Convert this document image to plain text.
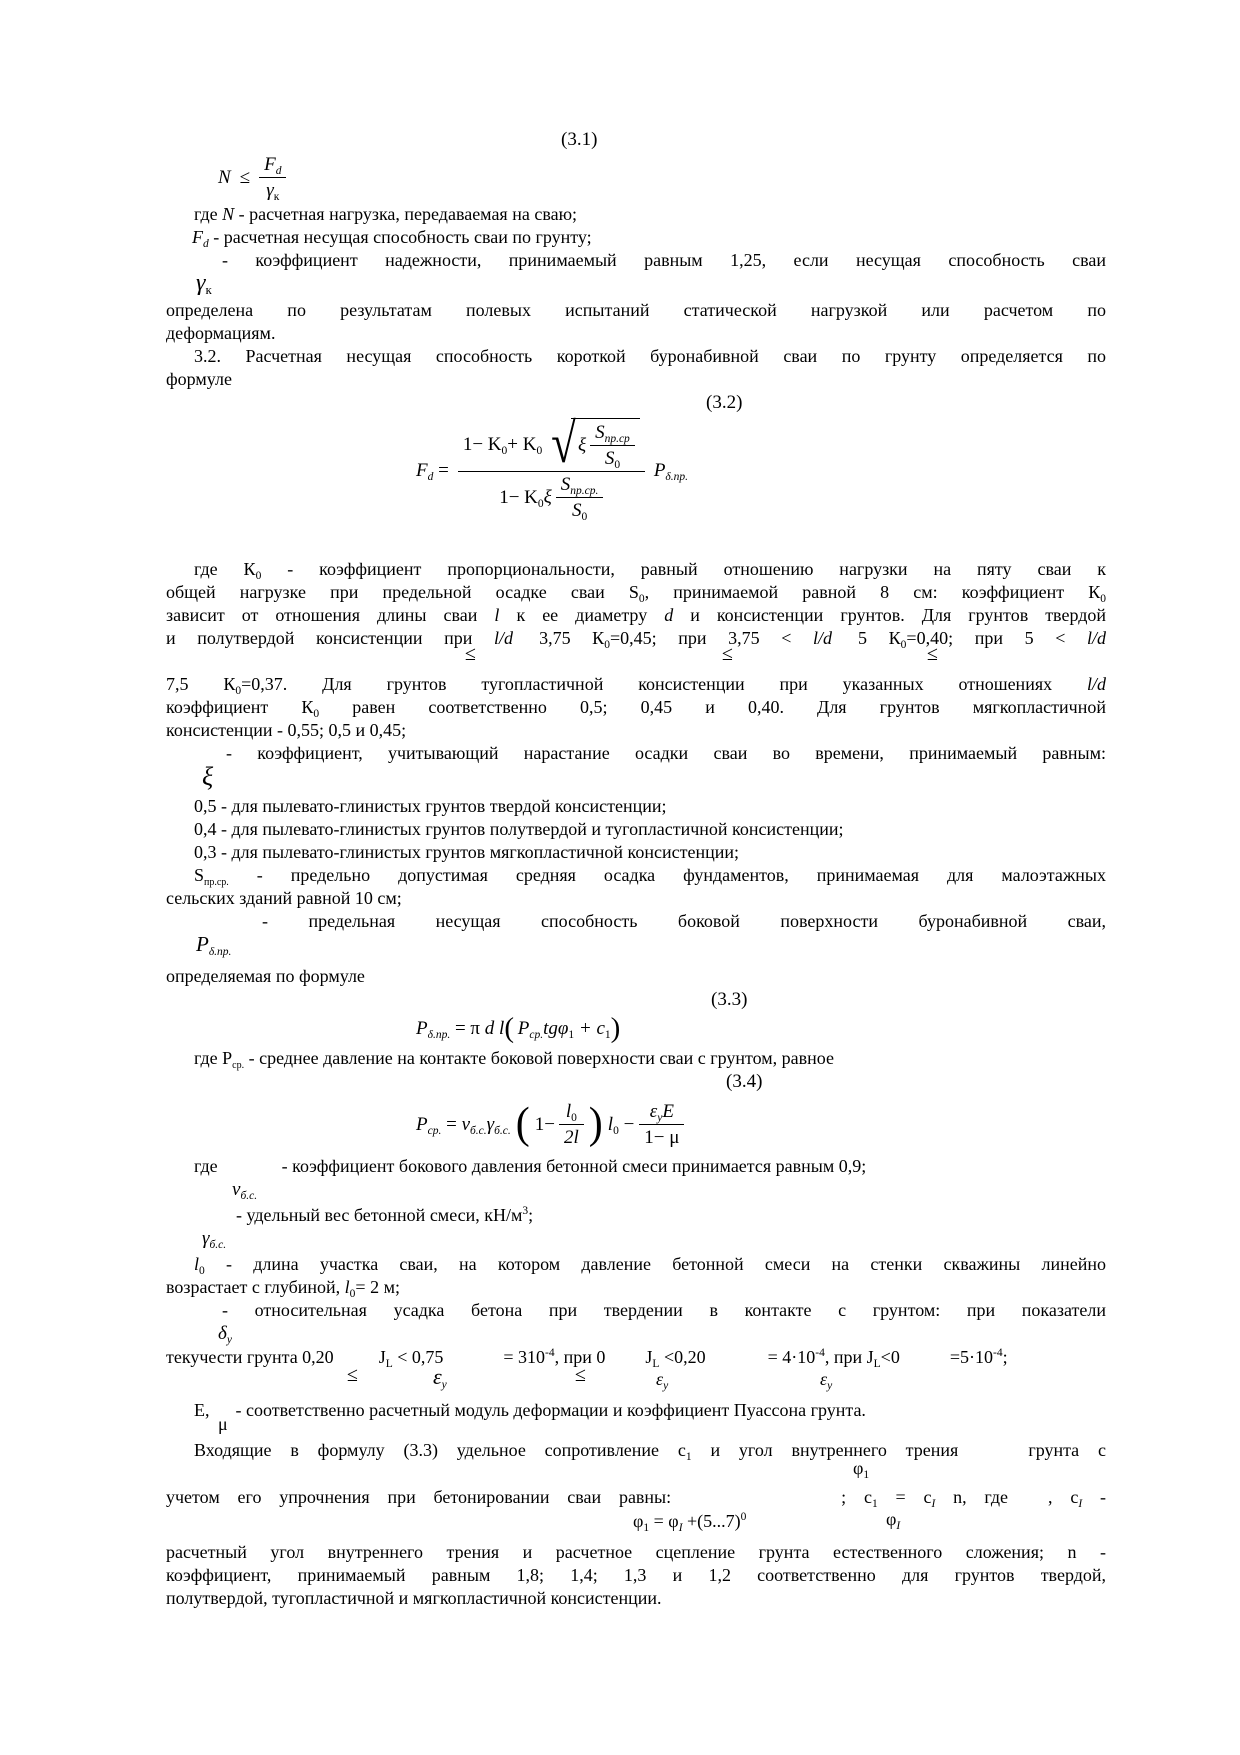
(3.1)
$N \le \frac{F_d}{\gamma_к}$
где N - расчетная нагрузка, передаваемая на сваю;
$F_d$ - расчетная несущая способность сваи по грунту;
- коэффициент надежности, принимаемый равным 1,25, если несущая способность сваи
$\gamma_к$
определена по результатам полевых испытаний статической нагрузкой или расчетом по
деформациям.
3.2. Расчетная несущая способность короткой буронабивной сваи по грунту определяется по
формуле
(3.2)
$F_d$ =
$1- K_0+ K_0$ √ ξ $\frac{S_{пр.ср}}{S_0}$
$1- K_0\xi \frac{S_{пр.ср.}}{S_0}$
$P_{\delta.пр.}$
где $К_0$ - коэффициент пропорциональности, равный отношению нагрузки на пяту сваи к
общей нагрузке при предельной осадке сваи $S_0$, принимаемой равной 8 см: коэффициент $К_0$
зависит от отношения длины сваи l к ее диаметру d и консистенции грунтов. Для грунтов твердой
и полутвердой консистенции при l/d 3,75 $К_0=0,45$; при 3,75 < l/d 5 $К_0=0,40$; при 5 < l/d
≤	≤	≤
7,5 $К_0=0,37$. Для грунтов тугопластичной консистенции при указанных отношениях l/d
коэффициент $К_0$ равен соответственно 0,5; 0,45 и 0,40. Для грунтов мягкопластичной
консистенции - 0,55; 0,5 и 0,45;
- коэффициент, учитывающий нарастание осадки сваи во времени, принимаемый равным:
ξ
0,5 - для пылевато-глинистых грунтов твердой консистенции;
0,4 - для пылевато-глинистых грунтов полутвердой и тугопластичной консистенции;
0,3 - для пылевато-глинистых грунтов мягкопластичной консистенции;
$S_{пр.ср.}$ - предельно допустимая средняя осадка фундаментов, принимаемая для малоэтажных
сельских зданий равной 10 см;
- предельная несущая способность боковой поверхности буронабивной сваи,
$P_{\delta.пр.}$
определяемая по формуле
(3.3)
$P_{\delta.пр.} = \pi$ d l( $P_{ср.}tg\varphi_1 + c_1$)
где $Р_{ср.}$ - среднее давление на контакте боковой поверхности сваи с грунтом, равное
(3.4)
$P_{ср.} = \nu_{б.с.}\gamma_{б.с.}$ ( $1- \frac{l_0}{2l}$ ) $l_0 - \frac{\varepsilon_yE}{1- \mu}$
где	- коэффициент бокового давления бетонной смеси принимается равным 0,9;
$\nu_{б.с.}$
- удельный вес бетонной смеси, $кН/м^3$;
$\gamma_{б.с.}$
$l_0$ - длина участка сваи, на котором давление бетонной смеси на стенки скважины линейно
возрастает с глубиной, $l_0= 2$ м;
- относительная усадка бетона при твердении в контакте с грунтом: при показатели
$\delta_y$
текучести грунта 0,20	$J_L < 0,75$	= $310^{-4}$, при 0 $J_L <0,20$	= $4\cdot 10^{-4}$, при $J_L<0$	$=5\cdot 10^{-4}$;
≤	$\varepsilon_y$	≤	$\varepsilon_y$	$\varepsilon_y$
Е, - соответственно расчетный модуль деформации и коэффициент Пуассона грунта.
μ
Входящие в формулу (3.3) удельное сопротивление $с_1$ и угол внутреннего трения	грунта с
$\varphi_1$
учетом его упрочнения при бетонировании сваи равны:	; $с_1 = с_I$ n, где , $с_I$ -
$\varphi_1 = \varphi_I +(5...7)^0$	$\varphi_I$
расчетный угол внутреннего трения и расчетное сцепление грунта естественного сложения; n -
коэффициент, принимаемый равным 1,8; 1,4; 1,3 и 1,2 соответственно для грунтов твердой,
полутвердой, тугопластичной и мягкопластичной консистенции.
